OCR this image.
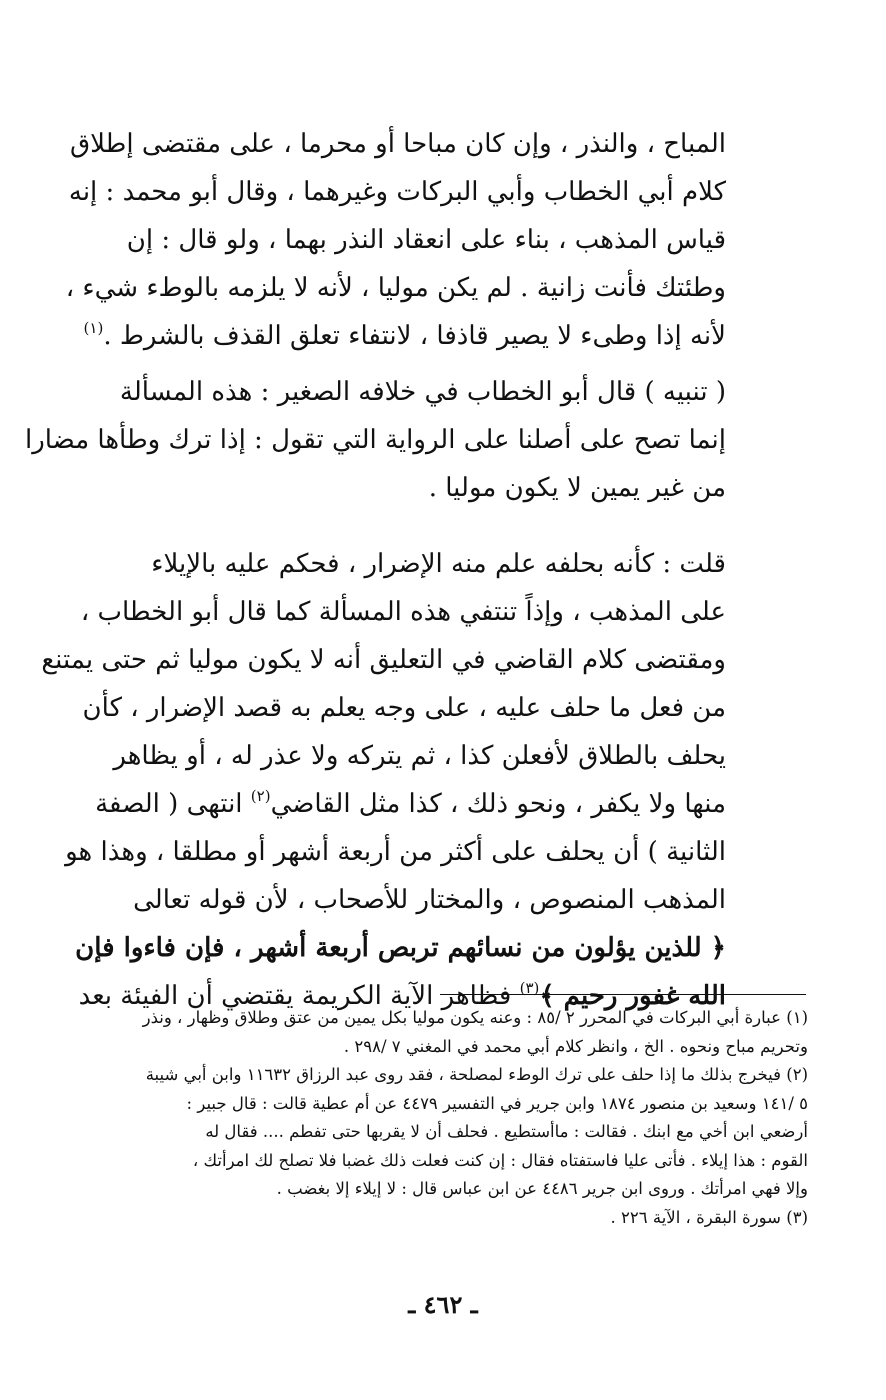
المباح ، والنذر ، وإن كان مباحا أو محرما ، على مقتضى إطلاق
كلام أبي الخطاب وأبي البركات وغيرهما ، وقال أبو محمد : إنه
قياس المذهب ، بناء على انعقاد النذر بهما ، ولو قال : إن
وطئتك فأنت زانية . لم يكن موليا ، لأنه لا يلزمه بالوطء شيء ،
لأنه إذا وطىء لا يصير قاذفا ، لانتفاء تعلق القذف بالشرط .$^{(١)}$
( تنبيه ) قال أبو الخطاب في خلافه الصغير : هذه المسألة
إنما تصح على أصلنا على الرواية التي تقول : إذا ترك وطأها مضارا
من غير يمين لا يكون موليا .
قلت : كأنه بحلفه علم منه الإضرار ، فحكم عليه بالإيلاء
على المذهب ، وإذاً تنتفي هذه المسألة كما قال أبو الخطاب ،
ومقتضى كلام القاضي في التعليق أنه لا يكون موليا ثم حتى يمتنع
من فعل ما حلف عليه ، على وجه يعلم به قصد الإضرار ، كأن
يحلف بالطلاق لأفعلن كذا ، ثم يتركه ولا عذر له ، أو يظاهر
منها ولا يكفر ، ونحو ذلك ، كذا مثل القاضي$^{(٢)}$ انتهى ( الصفة
الثانية ) أن يحلف على أكثر من أربعة أشهر أو مطلقا ، وهذا هو
المذهب المنصوص ، والمختار للأصحاب ، لأن قوله تعالى
﴿ للذين يؤلون من نسائهم تربص أربعة أشهر ، فإن فاءوا فإن
الله غفور رحيم ﴾$^{(٣)}$ فظاهر الآية الكريمة يقتضي أن الفيئة بعد
(١) عبارة أبي البركات في المحرر ٢ /٨٥ : وعنه يكون موليا بكل يمين من عتق وطلاق وظهار ، ونذر
وتحريم مباح ونحوه . الخ ، وانظر كلام أبي محمد في المغني ٧ /٢٩٨ .
(٢) فيخرج بذلك ما إذا حلف على ترك الوطء لمصلحة ، فقد روى عبد الرزاق ١١٦٣٢ وابن أبي شيبة
٥ /١٤١ وسعيد بن منصور ١٨٧٤ وابن جرير في التفسير ٤٤٧٩ عن أم عطية قالت : قال جبير :
أرضعي ابن أخي مع ابنك . فقالت : ماأستطيع . فحلف أن لا يقربها حتى تفطم .... فقال له
القوم : هذا إيلاء . فأتى عليا فاستفتاه فقال : إن كنت فعلت ذلك غضبا فلا تصلح لك امرأتك ،
وإلا فهي امرأتك . وروى ابن جرير ٤٤٨٦ عن ابن عباس قال : لا إيلاء إلا بغضب .
(٣) سورة البقرة ، الآية ٢٢٦ .
ـ ٤٦٢ ـ
